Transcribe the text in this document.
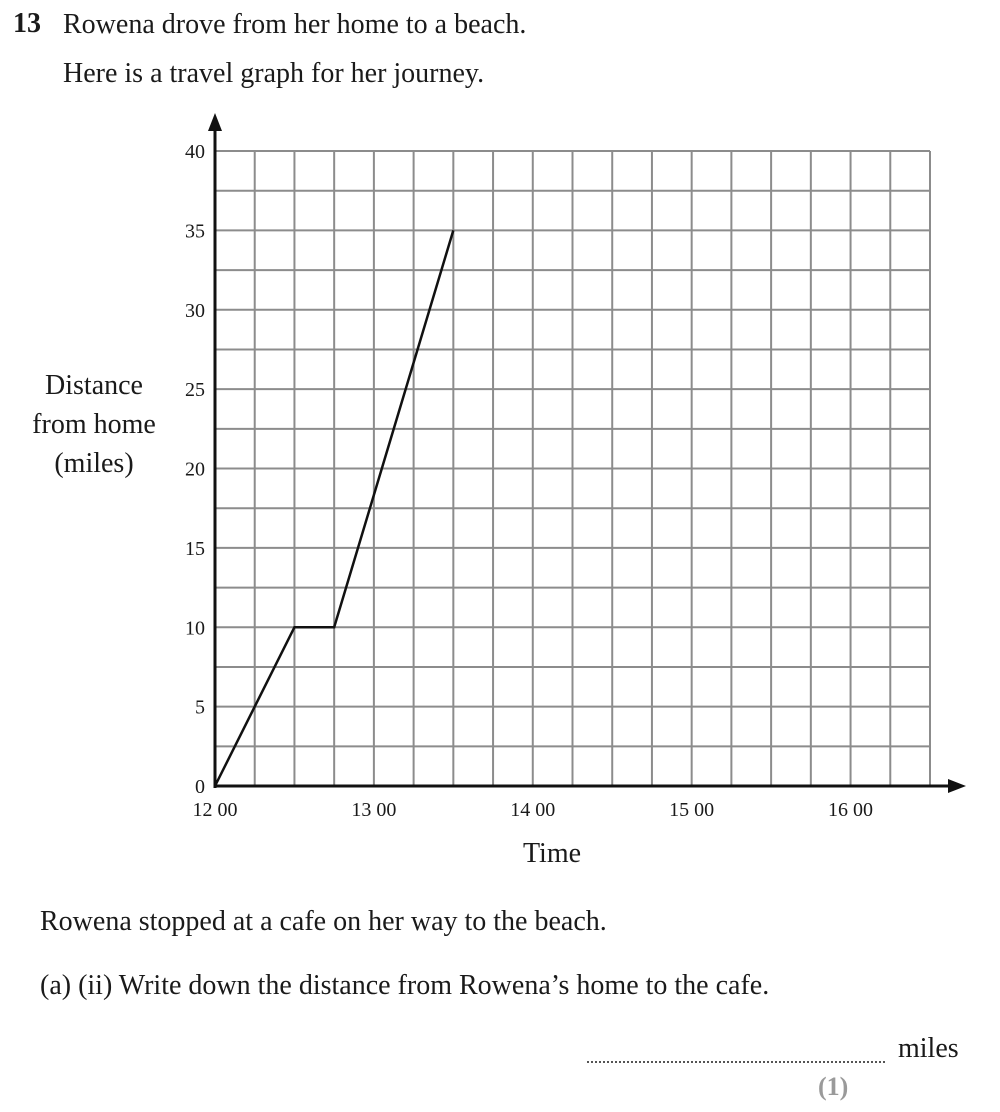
13 Rowena drove from her home to a beach.
Here is a travel graph for her journey.
Distance
from home
(miles)
0
5
10
15
20
25
30
35
40
12 00	13 00	14 00	15 00	16 00
Time
Rowena stopped at a cafe on her way to the beach.
(a) (ii) Write down the distance from Rowena’s home to the cafe.
miles
(1)
